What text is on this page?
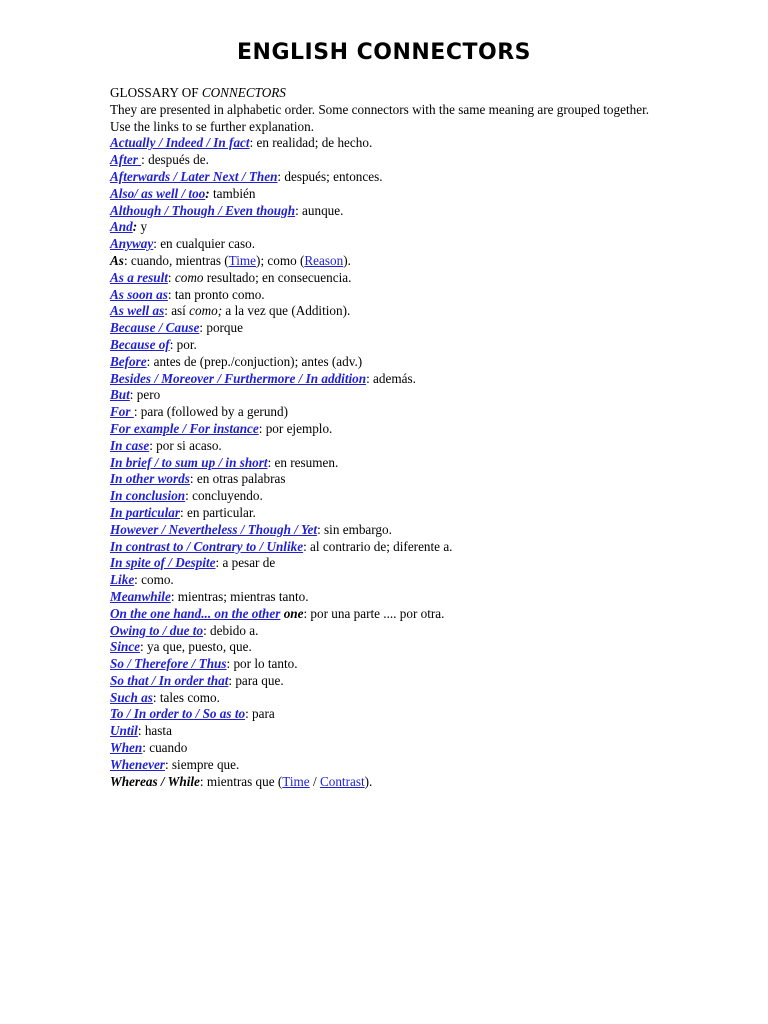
ENGLISH CONNECTORS

GLOSSARY OF CONNECTORS

They are presented in alphabetic order. Some connectors with the same meaning are grouped together. Use the links to se further explanation.

Actually / Indeed / In fact: en realidad; de hecho.
After : después de.
Afterwards / Later Next / Then: después; entonces.
Also/ as well / too: también
Although / Though / Even though: aunque.
And: y
Anyway: en cualquier caso.
As: cuando, mientras (Time); como (Reason).
As a result: como resultado; en consecuencia.
As soon as: tan pronto como.
As well as: así como; a la vez que (Addition).
Because / Cause: porque
Because of: por.
Before: antes de (prep./conjuction); antes (adv.)
Besides / Moreover / Furthermore / In addition: además.
But: pero
For : para (followed by a gerund)
For example / For instance: por ejemplo.
In case: por si acaso.
In brief / to sum up / in short: en resumen.
In other words: en otras palabras
In conclusion: concluyendo.
In particular: en particular.
However / Nevertheless / Though / Yet: sin embargo.
In contrast to / Contrary to / Unlike: al contrario de; diferente a.
In spite of / Despite: a pesar de
Like: como.
Meanwhile: mientras; mientras tanto.
On the one hand... on the other one: por una parte .... por otra.
Owing to / due to: debido a.
Since: ya que, puesto, que.
So / Therefore / Thus: por lo tanto.
So that / In order that: para que.
Such as: tales como.
To / In order to / So as to: para
Until: hasta
When: cuando
Whenever: siempre que.
Whereas / While: mientras que (Time / Contrast).
